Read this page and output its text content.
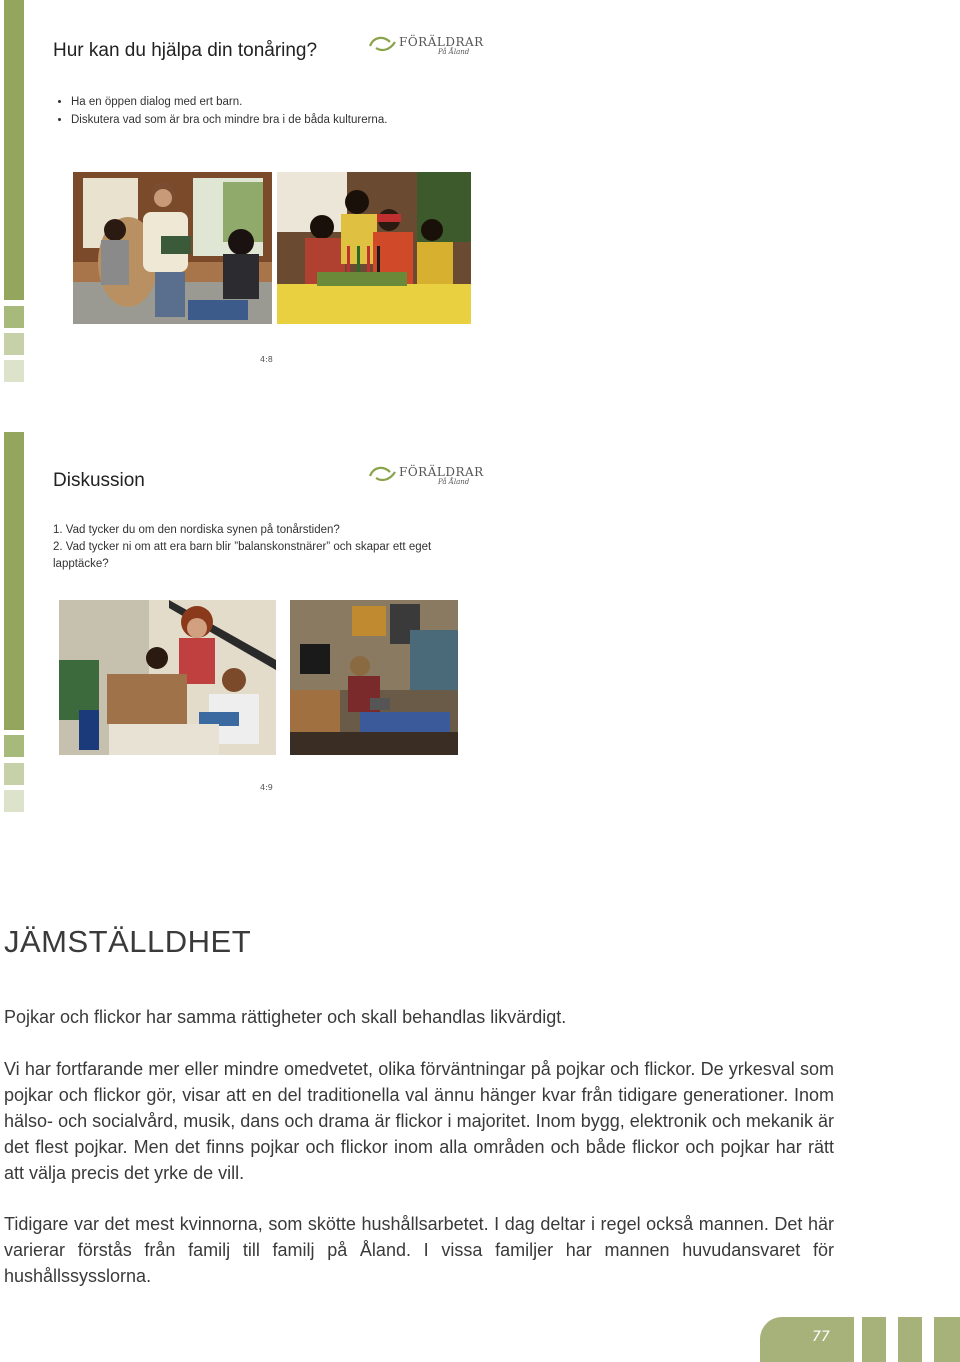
Hur kan du hjälpa din tonåring?	FÖRÄLDRAR
På Åland
• Ha en öppen dialog med ert barn.
• Diskutera vad som är bra och mindre bra i de båda kulturerna.
4:8
Diskussion	FÖRÄLDRAR
På Åland
1. Vad tycker du om den nordiska synen på tonårstiden?
2. Vad tycker ni om att era barn blir ”balanskonstnärer” och skapar ett eget lapptäcke?
4:9
JÄMSTÄLLDHET

Pojkar och flickor har samma rättigheter och skall behandlas likvärdigt.

Vi har fortfarande mer eller mindre omedvetet, olika förväntningar på pojkar och flickor. De yrkesval som pojkar och flickor gör, visar att en del traditionella val ännu hänger kvar från tidigare generationer. Inom hälso- och socialvård, musik, dans och drama är flickor i majoritet. Inom bygg, elektronik och mekanik är det flest pojkar. Men det finns pojkar och flickor inom alla områden och både flickor och pojkar har rätt att välja precis det yrke de vill.

Tidigare var det mest kvinnorna, som skötte hushållsarbetet. I dag deltar i regel också mannen. Det här varierar förstås från familj till familj på Åland. I vissa familjer har mannen huvudansvaret för hushållssysslorna.

77
